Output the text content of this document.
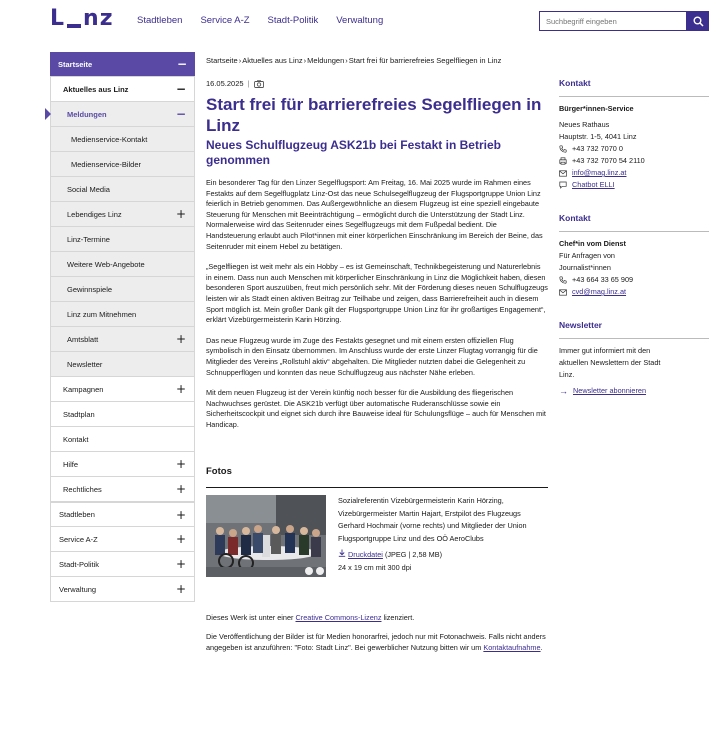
L nz Stadtleben Service A-Z Stadt-Politik Verwaltung
Suchbegriff eingeben
Startseite	−
Aktuelles aus Linz	−
Meldungen	−
Medienservice-Kontakt
Medienservice-Bilder
Social Media
Lebendiges Linz	+
Linz-Termine
Weitere Web-Angebote
Gewinnspiele
Linz zum Mitnehmen
Amtsblatt	+
Newsletter
Kampagnen	+
Stadtplan
Kontakt
Hilfe	+
Rechtliches	+
Stadtleben	+
Service A-Z	+
Stadt-Politik	+
Verwaltung	+
Startseite›Aktuelles aus Linz›Meldungen›Start frei für barrierefreies Segelfliegen in Linz
16.05.2025 |
Start frei für barrierefreies Segelfliegen in Linz
Neues Schulflugzeug ASK21b bei Festakt in Betrieb genommen

Ein besonderer Tag für den Linzer Segelflugsport: Am Freitag, 16. Mai 2025 wurde im Rahmen eines Festakts auf dem Segelflugplatz Linz-Ost das neue Schulsegelflugzeug der Flugsportgruppe Union Linz feierlich in Betrieb genommen. Das Außergewöhnliche an diesem Flugzeug ist eine speziell eingebaute Steuerung für Menschen mit Beeinträchtigung – ermöglicht durch die Unterstützung der Stadt Linz. Normalerweise wird das Seitenruder eines Segelflugzeugs mit dem Fußpedal bedient. Die Handsteuerung erlaubt auch Pilot*innen mit einer körperlichen Einschränkung im Bereich der Beine, das Seitenruder mit einem Hebel zu betätigen.

„Segelfliegen ist weit mehr als ein Hobby – es ist Gemeinschaft, Technikbegeisterung und Naturerlebnis in einem. Dass nun auch Menschen mit körperlicher Einschränkung in Linz die Möglichkeit haben, diesen besonderen Sport auszuüben, freut mich persönlich sehr. Mit der Förderung dieses neuen Schulflugzeugs leisten wir als Stadt einen aktiven Beitrag zur Teilhabe und zeigen, dass Barrierefreiheit auch in diesem Sport möglich ist. Mein großer Dank gilt der Flugsportgruppe Union Linz für ihr großartiges Engagement“, erklärt Vizebürgermeisterin Karin Hörzing.

Das neue Flugzeug wurde im Zuge des Festakts gesegnet und mit einem ersten offiziellen Flug symbolisch in den Einsatz übernommen. Im Anschluss wurde der erste Linzer Flugtag vorrangig für die Mitglieder des Vereins „Rollstuhl aktiv“ abgehalten. Die Mitglieder nutzten dabei die Gelegenheit zu Schnupperflügen und konnten das neue Schulflugzeug aus nächster Nähe erleben.

Mit dem neuen Flugzeug ist der Verein künftig noch besser für die Ausbildung des fliegerischen Nachwuchses gerüstet. Die ASK21b verfügt über automatische Ruderanschlüsse sowie ein Sicherheitscockpit und eignet sich durch ihre Bauweise ideal für Schulungsflüge – auch für Menschen mit Handicap.

Fotos
Sozialreferentin Vizebürgermeisterin Karin Hörzing, Vizebürgermeister Martin Hajart, Erstpilot des Flugzeugs Gerhard Hochmair (vorne rechts) und Mitglieder der Union Flugsportgruppe Linz und des OÖ AeroClubs
Druckdatei (JPEG | 2,58 MB)
24 x 19 cm mit 300 dpi

Dieses Werk ist unter einer Creative Commons-Lizenz lizenziert.

Die Veröffentlichung der Bilder ist für Medien honorarfrei, jedoch nur mit Fotonachweis. Falls nicht anders angegeben ist anzuführen: "Foto: Stadt Linz". Bei gewerblicher Nutzung bitten wir um Kontaktaufnahme.

Kontakt
Bürger*innen-Service
Neues Rathaus
Hauptstr. 1-5, 4041 Linz
+43 732 7070 0
+43 732 7070 54 2110
info@mag.linz.at
Chatbot ELLI
Kontakt
Chef*in vom Dienst
Für Anfragen von
Journalist*innen
+43 664 33 65 909
cvd@mag.linz.at
Newsletter
Immer gut informiert mit den aktuellen Newslettern der Stadt Linz.
→ Newsletter abonnieren
